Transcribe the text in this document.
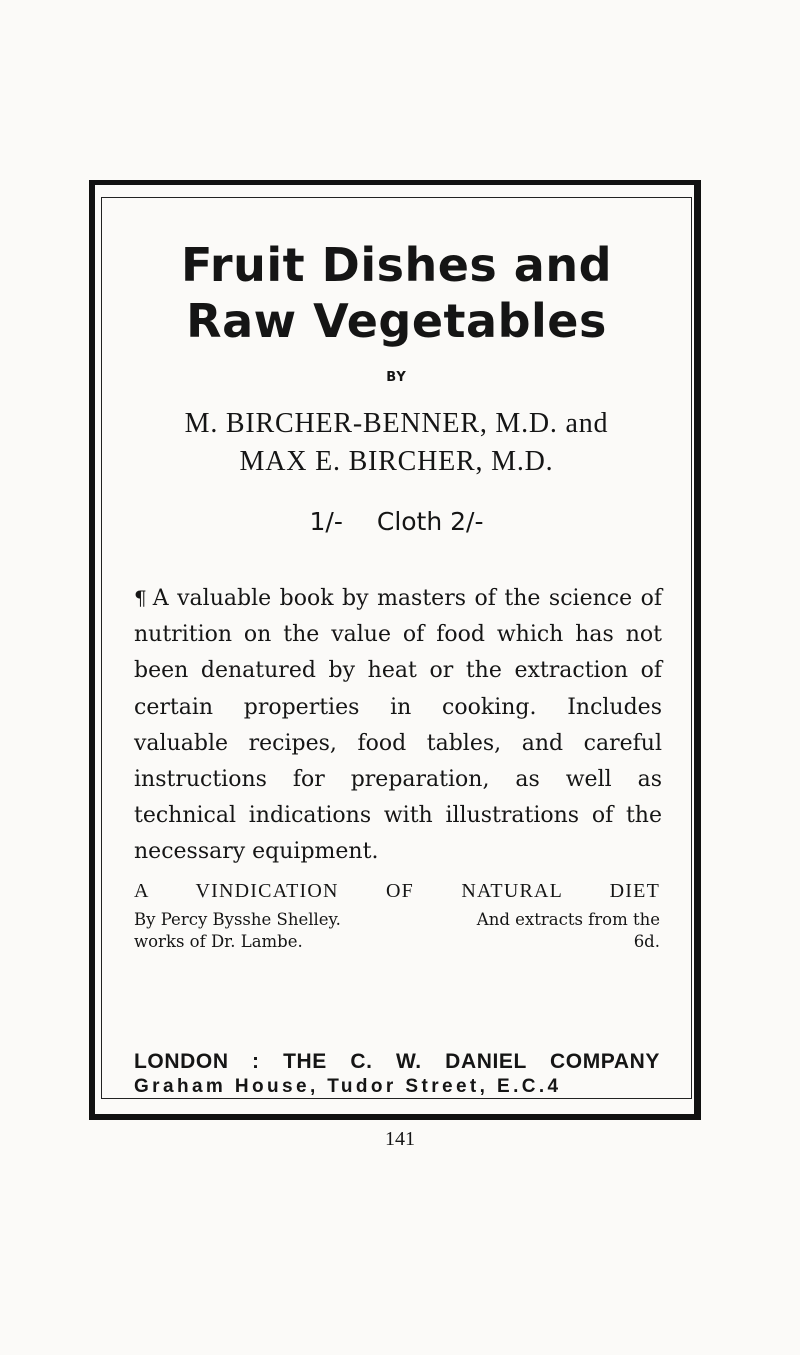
Fruit Dishes and
Raw Vegetables
BY
M. BIRCHER-BENNER, M.D. and
MAX E. BIRCHER, M.D.
1/- Cloth 2/-

¶ A valuable book by masters of the science of nutrition on the value of food which has not been denatured by heat or the extraction of certain properties in cooking. Includes valuable recipes, food tables, and careful instructions for preparation, as well as technical indications with illustrations of the necessary equipment.

A VINDICATION OF NATURAL DIET
By Percy Bysshe Shelley.	And extracts from the
works of Dr. Lambe.	6d.
LONDON : THE C. W. DANIEL COMPANY
Graham House, Tudor Street, E.C.4
141
